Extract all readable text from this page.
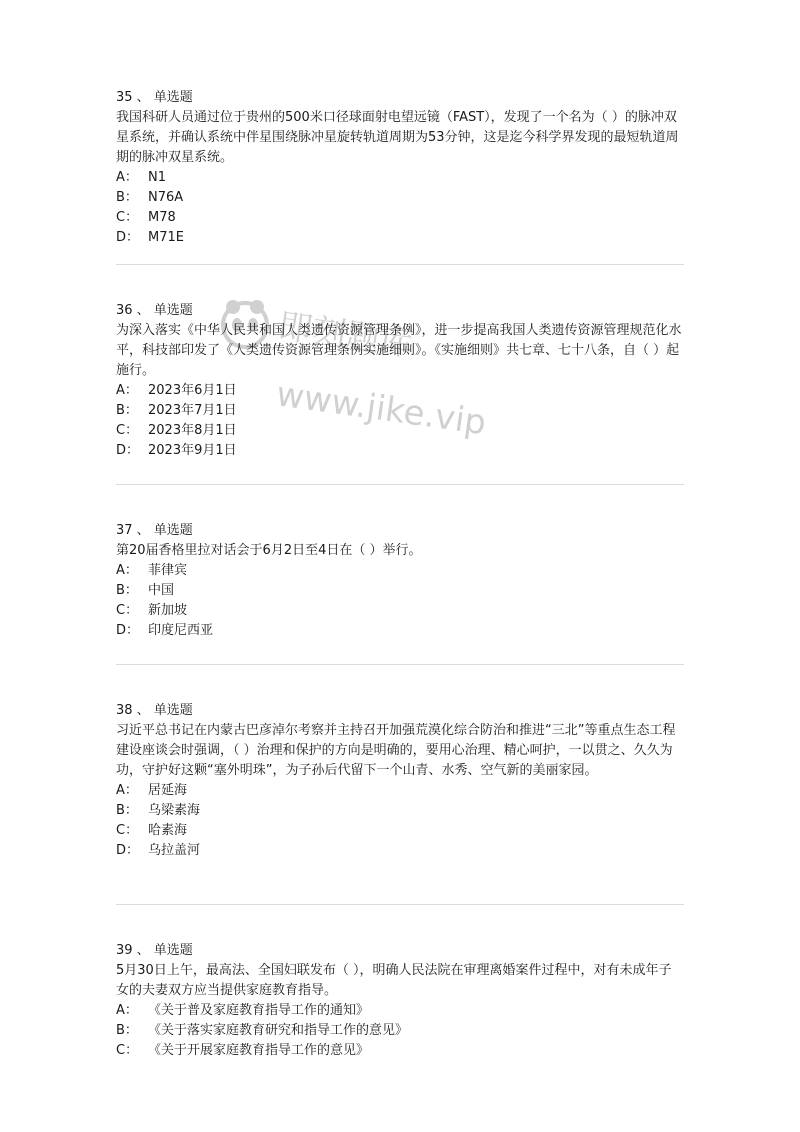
即刻题库
www.jike.vip
35 、 单选题
我国科研人员通过位于贵州的500米口径球面射电望远镜（FAST），发现了一个名为（ ）的脉冲双星系统，并确认系统中伴星围绕脉冲星旋转轨道周期为53分钟，这是迄今科学界发现的最短轨道周期的脉冲双星系统。
A： N1
B： N76A
C： M78
D： M71E
36 、 单选题
为深入落实《中华人民共和国人类遗传资源管理条例》，进一步提高我国人类遗传资源管理规范化水平，科技部印发了《人类遗传资源管理条例实施细则》。《实施细则》共七章、七十八条，自（ ）起施行。
A： 2023年6月1日
B： 2023年7月1日
C： 2023年8月1日
D： 2023年9月1日
37 、 单选题
第20届香格里拉对话会于6月2日至4日在（ ）举行。
A： 菲律宾
B： 中国
C： 新加坡
D： 印度尼西亚
38 、 单选题
习近平总书记在内蒙古巴彦淖尔考察并主持召开加强荒漠化综合防治和推进“三北”等重点生态工程建设座谈会时强调，（ ）治理和保护的方向是明确的，要用心治理、精心呵护，一以贯之、久久为功，守护好这颗“塞外明珠”，为子孙后代留下一个山青、水秀、空气新的美丽家园。
A： 居延海
B： 乌梁素海
C： 哈素海
D： 乌拉盖河
39 、 单选题
5月30日上午，最高法、全国妇联发布（ ），明确人民法院在审理离婚案件过程中，对有未成年子女的夫妻双方应当提供家庭教育指导。
A： 《关于普及家庭教育指导工作的通知》
B： 《关于落实家庭教育研究和指导工作的意见》
C： 《关于开展家庭教育指导工作的意见》
